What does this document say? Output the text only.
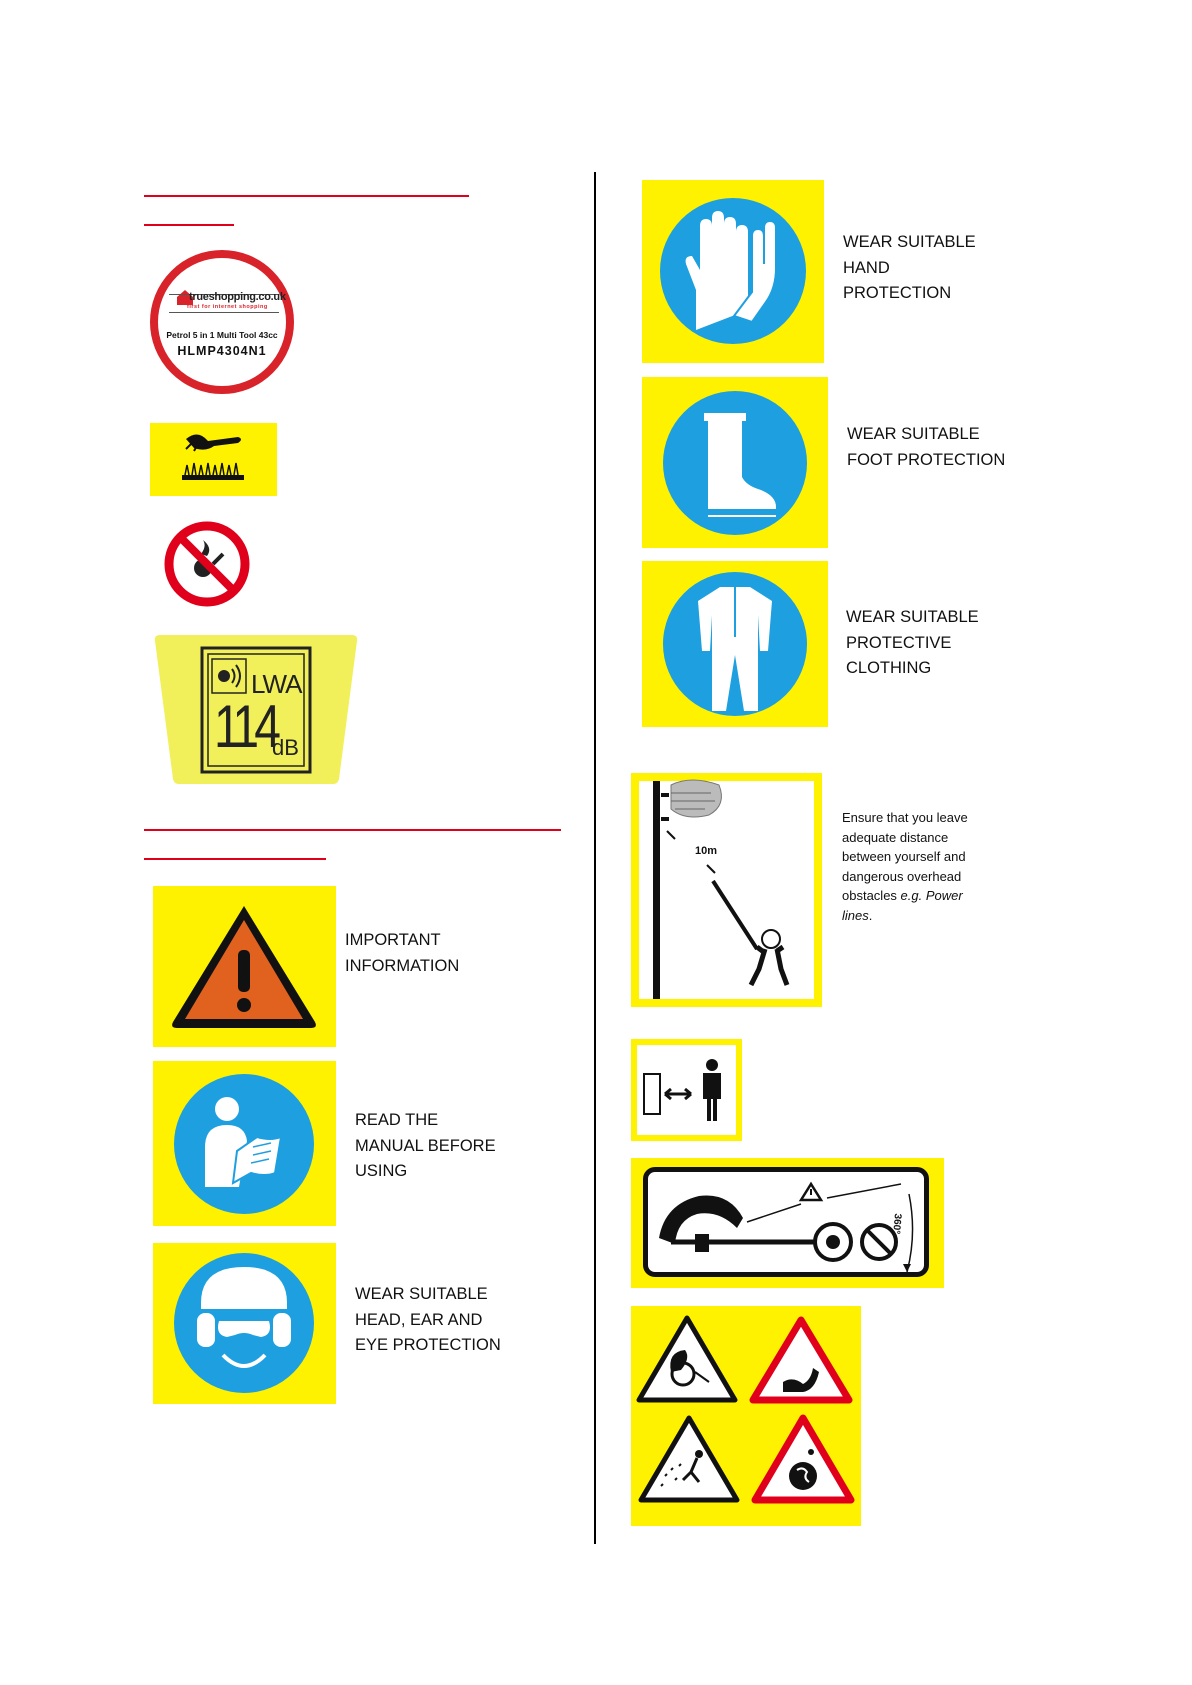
trueshopping.co.uk
first for internet shopping
Petrol 5 in 1 Multi Tool 43cc
HLMP4304N1
LWA
114
dB
IMPORTANT
INFORMATION
READ THE
MANUAL BEFORE
USING
WEAR SUITABLE
HEAD, EAR AND
EYE PROTECTION
WEAR SUITABLE
HAND
PROTECTION
WEAR SUITABLE
FOOT PROTECTION
WEAR SUITABLE
PROTECTIVE
CLOTHING
10m
Ensure that you leave
adequate distance
between yourself and
dangerous overhead
obstacles e.g. Power
lines.
360°
